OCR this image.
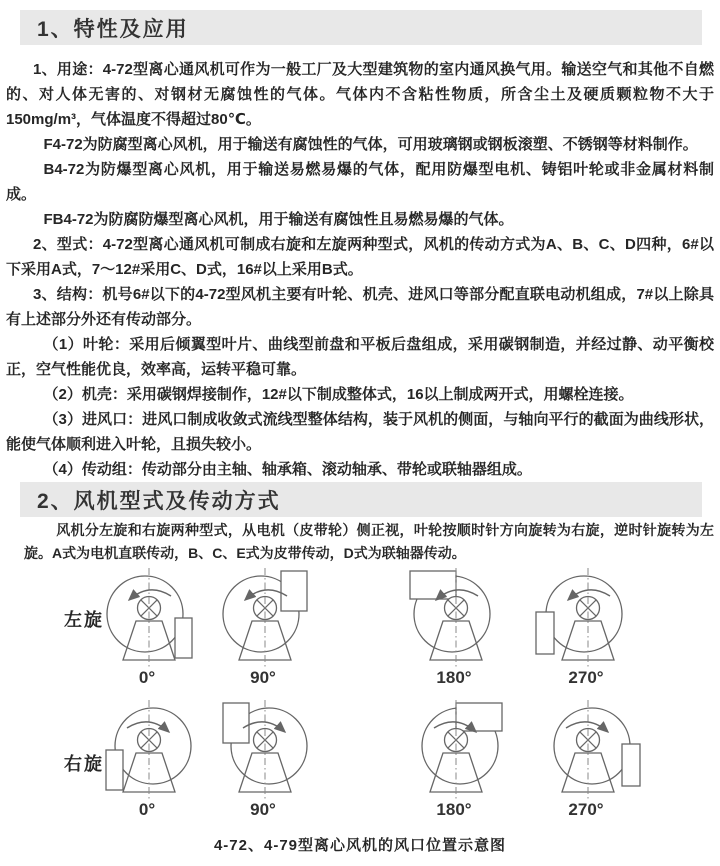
1、特性及应用

1、用途：4-72型离心通风机可作为一般工厂及大型建筑物的室内通风换气用。输送空气和其他不自燃的、对人体无害的、对钢材无腐蚀性的气体。气体内不含粘性物质，所含尘土及硬质颗粒物不大于150mg/m³，气体温度不得超过80℃。

F4-72为防腐型离心风机，用于输送有腐蚀性的气体，可用玻璃钢或钢板滚塑、不锈钢等材料制作。

B4-72为防爆型离心风机，用于输送易燃易爆的气体，配用防爆型电机、铸铝叶轮或非金属材料制成。

FB4-72为防腐防爆型离心风机，用于输送有腐蚀性且易燃易爆的气体。

2、型式：4-72型离心通风机可制成右旋和左旋两种型式，风机的传动方式为A、B、C、D四种，6#以下采用A式，7～12#采用C、D式，16#以上采用B式。

3、结构：机号6#以下的4-72型风机主要有叶轮、机壳、进风口等部分配直联电动机组成，7#以上除具有上述部分外还有传动部分。

（1）叶轮：采用后倾翼型叶片、曲线型前盘和平板后盘组成，采用碳钢制造，并经过静、动平衡校正，空气性能优良，效率高，运转平稳可靠。

（2）机壳：采用碳钢焊接制作，12#以下制成整体式，16以上制成两开式，用螺栓连接。

（3）进风口：进风口制成收敛式流线型整体结构，装于风机的侧面，与轴向平行的截面为曲线形状，能使气体顺利进入叶轮，且损失较小。

（4）传动组：传动部分由主轴、轴承箱、滚动轴承、带轮或联轴器组成。

2、风机型式及传动方式

风机分左旋和右旋两种型式，从电机（皮带轮）侧正视，叶轮按顺时针方向旋转为右旋，逆时针旋转为左旋。A式为电机直联传动，B、C、E式为皮带传动，D式为联轴器传动。

左旋
0°	90°	180°	270°
右旋
0°	90°	180°	270°
4-72、4-79型离心风机的风口位置示意图
